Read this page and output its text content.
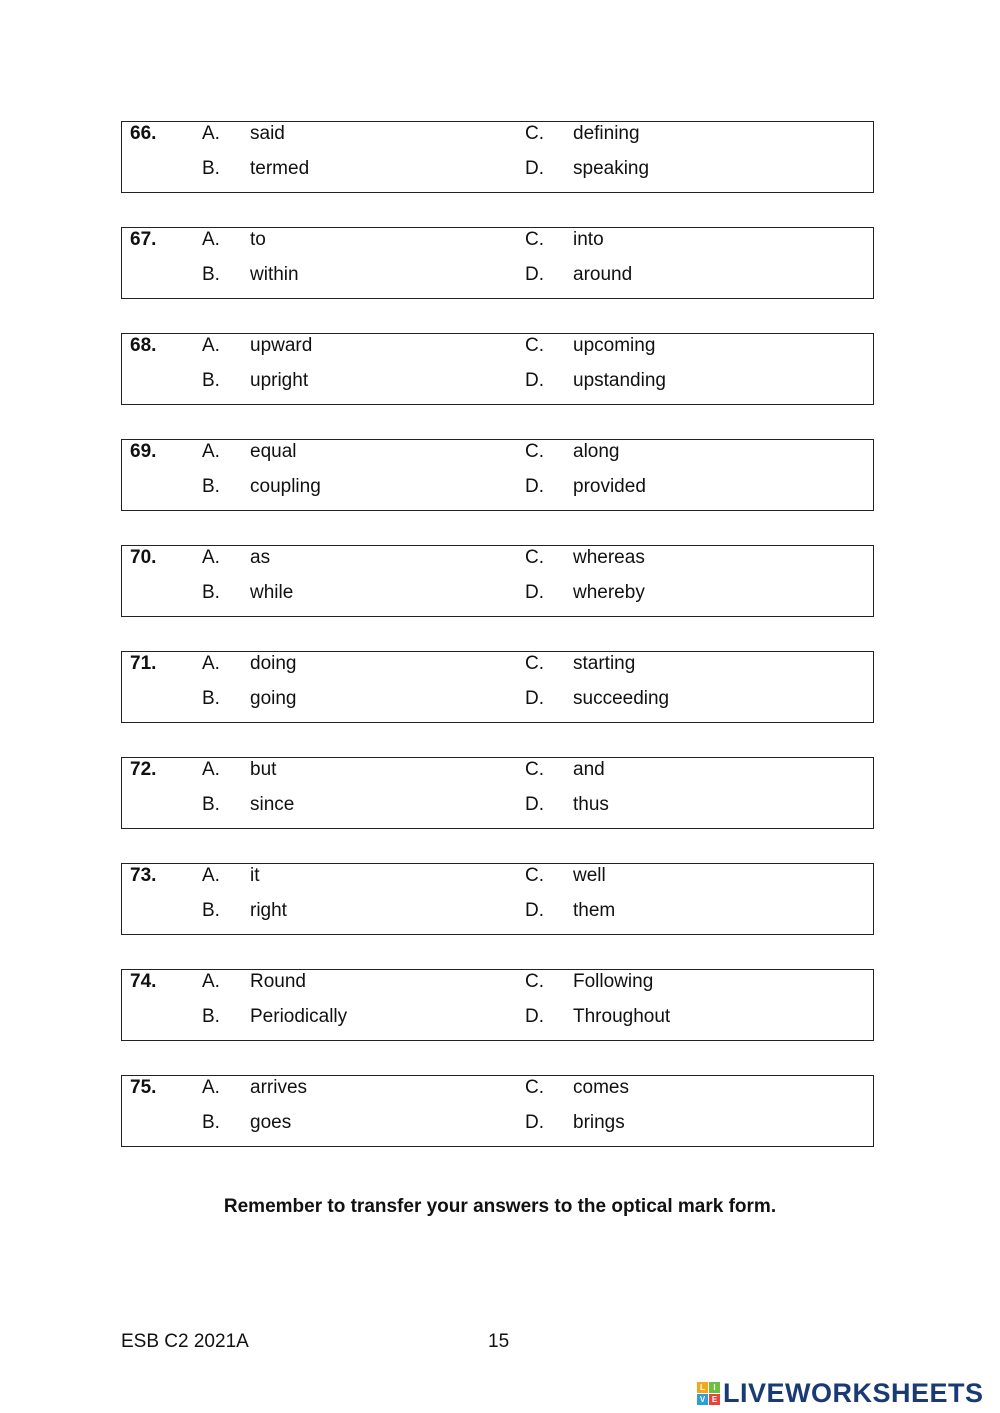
66. A. said
B. termed
C. defining
D. speaking
67. A. to
B. within
C. into
D. around
68. A. upward
B. upright
C. upcoming
D. upstanding
69. A. equal
B. coupling
C. along
D. provided
70. A. as
B. while
C. whereas
D. whereby
71. A. doing
B. going
C. starting
D. succeeding
72. A. but
B. since
C. and
D. thus
73. A. it
B. right
C. well
D. them
74. A. Round
B. Periodically
C. Following
D. Throughout
75. A. arrives
B. goes
C. comes
D. brings
Remember to transfer your answers to the optical mark form.
ESB C2 2021A	15
L	I
V E LIVEWORKSHEETS
